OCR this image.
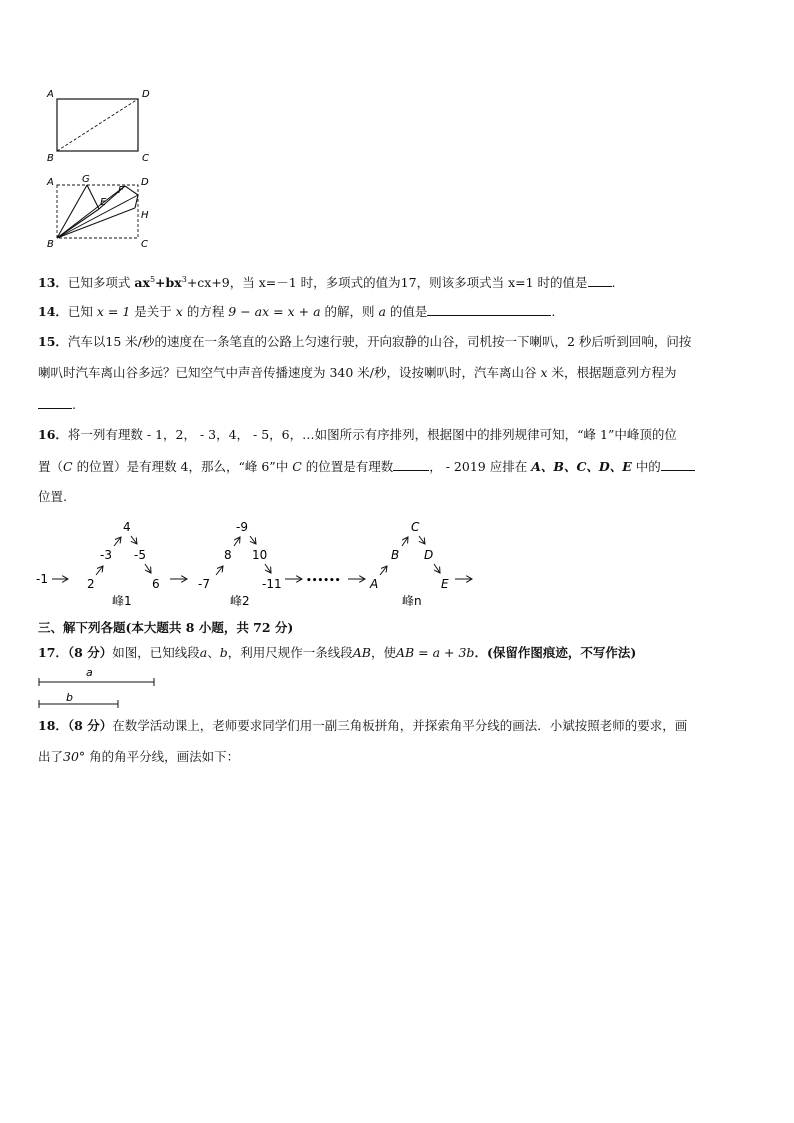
A	D
B	C
A	G
F
D
E
H
B	C
13．已知多项式 $ax^5+bx^3+cx+9$，当 x=－1 时，多项式的值为17，则该多项式当 x=1 时的值是 .
14．已知 x = 1 是关于 x 的方程 9 − ax = x + a 的解，则 a 的值是	.
15．汽车以15 米/秒的速度在一条笔直的公路上匀速行驶，开向寂静的山谷，司机按一下喇叭，2 秒后听到回响，问按
喇叭时汽车离山谷多远？已知空气中声音传播速度为 340 米/秒，设按喇叭时，汽车离山谷 x 米，根据题意列方程为
.
16．将一列有理数 - 1，2， - 3，4， - 5，6，…如图所示有序排列，根据图中的排列规律可知，“峰 1”中峰顶的位
置（C 的位置）是有理数 4，那么，“峰 6”中 C 的位置是有理数	， - 2019 应排在 A、B、C、D、E 中的
位置.
-1	2
-3
4
-5
6
峰1
-7
8
-9
10
-11
峰2
•••••• A
B
C
D
E
峰n
三、解下列各题(本大题共 8 小题，共 72 分)
17．（8 分）如图，已知线段a、b，利用尺规作一条线段AB，使AB = a + 3b．(保留作图痕迹，不写作法)
a
b
18．（8 分）在数学活动课上，老师要求同学们用一副三角板拼角，并探索角平分线的画法．小斌按照老师的要求，画
出了30° 角的角平分线，画法如下：
